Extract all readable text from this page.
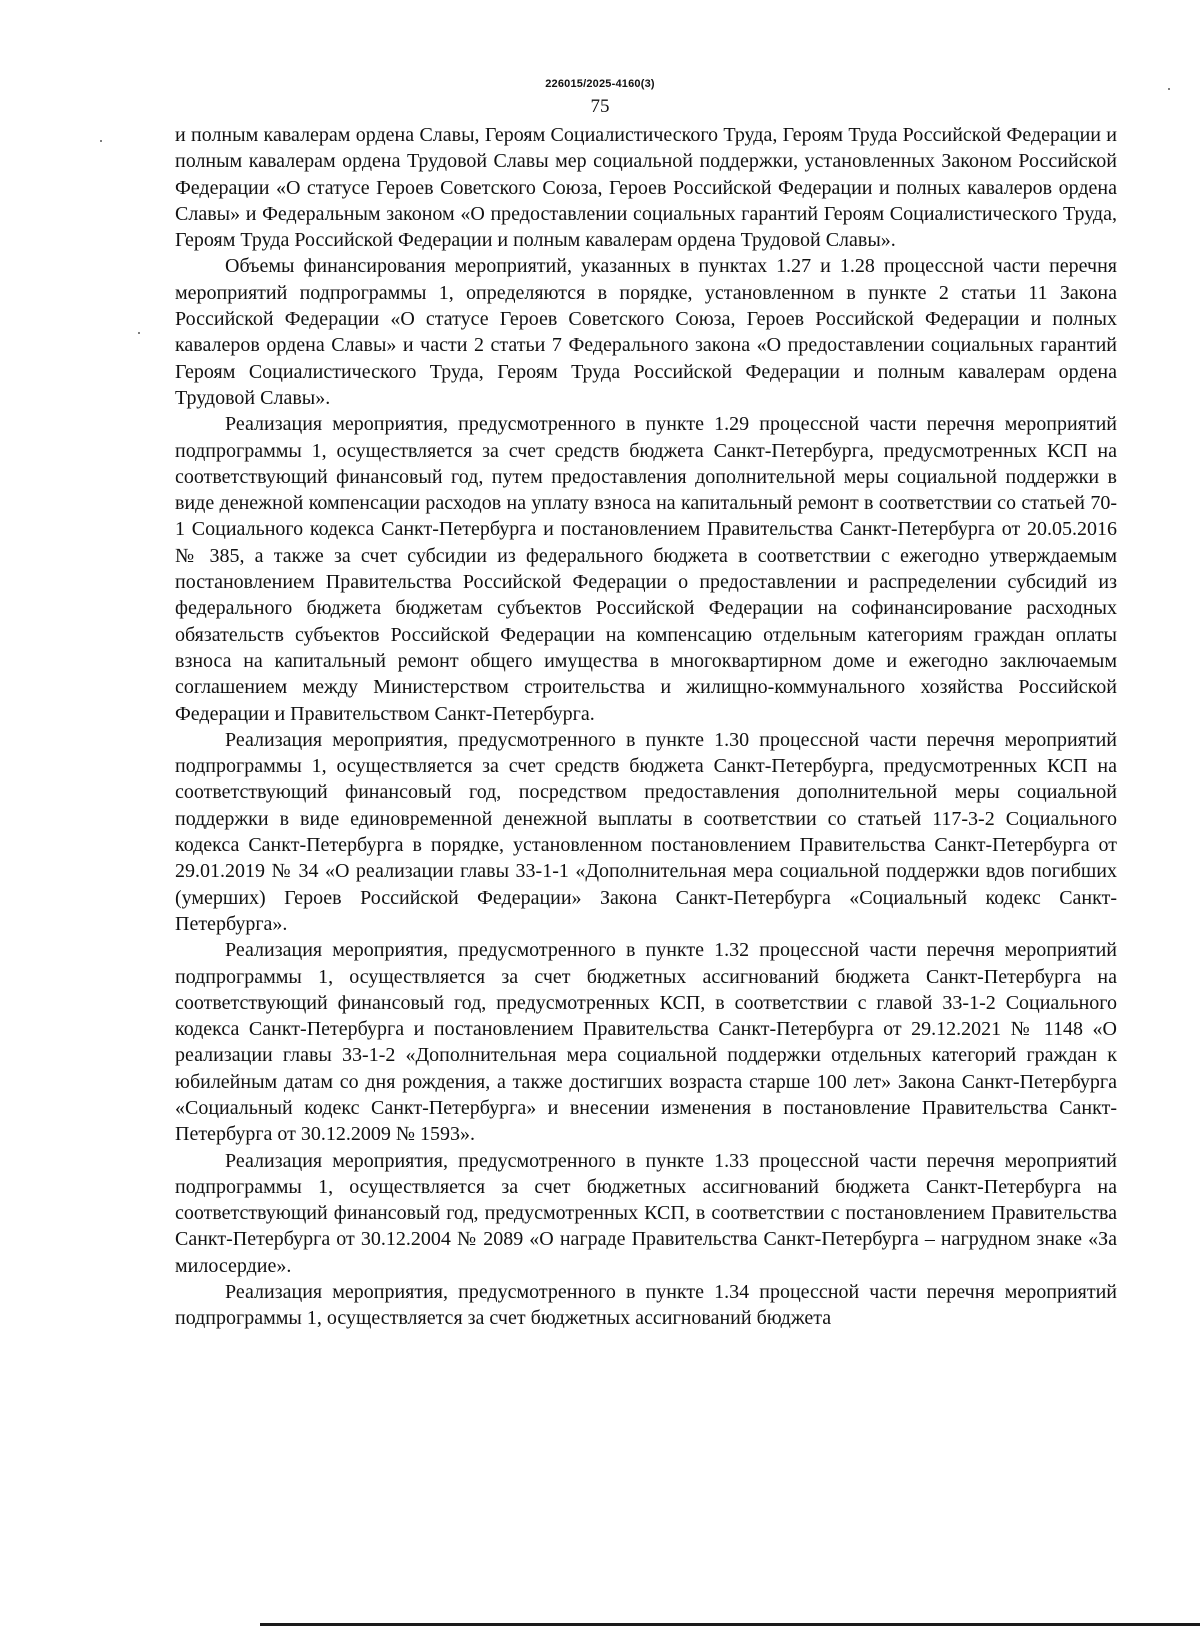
226015/2025-4160(3)
75

и полным кавалерам ордена Славы, Героям Социалистического Труда, Героям Труда Российской Федерации и полным кавалерам ордена Трудовой Славы мер социальной поддержки, установленных Законом Российской Федерации «О статусе Героев Советского Союза, Героев Российской Федерации и полных кавалеров ордена Славы» и Федеральным законом «О предоставлении социальных гарантий Героям Социалистического Труда, Героям Труда Российской Федерации и полным кавалерам ордена Трудовой Славы».

Объемы финансирования мероприятий, указанных в пунктах 1.27 и 1.28 процессной части перечня мероприятий подпрограммы 1, определяются в порядке, установленном в пункте 2 статьи 11 Закона Российской Федерации «О статусе Героев Советского Союза, Героев Российской Федерации и полных кавалеров ордена Славы» и части 2 статьи 7 Федерального закона «О предоставлении социальных гарантий Героям Социалистического Труда, Героям Труда Российской Федерации и полным кавалерам ордена Трудовой Славы».

Реализация мероприятия, предусмотренного в пункте 1.29 процессной части перечня мероприятий подпрограммы 1, осуществляется за счет средств бюджета Санкт-Петербурга, предусмотренных КСП на соответствующий финансовый год, путем предоставления дополнительной меры социальной поддержки в виде денежной компенсации расходов на уплату взноса на капитальный ремонт в соответствии со статьей 70-1 Социального кодекса Санкт-Петербурга и постановлением Правительства Санкт-Петербурга от 20.05.2016 № 385, а также за счет субсидии из федерального бюджета в соответствии с ежегодно утверждаемым постановлением Правительства Российской Федерации о предоставлении и распределении субсидий из федерального бюджета бюджетам субъектов Российской Федерации на софинансирование расходных обязательств субъектов Российской Федерации на компенсацию отдельным категориям граждан оплаты взноса на капитальный ремонт общего имущества в многоквартирном доме и ежегодно заключаемым соглашением между Министерством строительства и жилищно-коммунального хозяйства Российской Федерации и Правительством Санкт-Петербурга.

Реализация мероприятия, предусмотренного в пункте 1.30 процессной части перечня мероприятий подпрограммы 1, осуществляется за счет средств бюджета Санкт-Петербурга, предусмотренных КСП на соответствующий финансовый год, посредством предоставления дополнительной меры социальной поддержки в виде единовременной денежной выплаты в соответствии со статьей 117-3-2 Социального кодекса Санкт-Петербурга в порядке, установленном постановлением Правительства Санкт-Петербурга от 29.01.2019 № 34 «О реализации главы 33-1-1 «Дополнительная мера социальной поддержки вдов погибших (умерших) Героев Российской Федерации» Закона Санкт-Петербурга «Социальный кодекс Санкт-Петербурга».

Реализация мероприятия, предусмотренного в пункте 1.32 процессной части перечня мероприятий подпрограммы 1, осуществляется за счет бюджетных ассигнований бюджета Санкт-Петербурга на соответствующий финансовый год, предусмотренных КСП, в соответствии с главой 33-1-2 Социального кодекса Санкт-Петербурга и постановлением Правительства Санкт-Петербурга от 29.12.2021 № 1148 «О реализации главы 33-1-2 «Дополнительная мера социальной поддержки отдельных категорий граждан к юбилейным датам со дня рождения, а также достигших возраста старше 100 лет» Закона Санкт-Петербурга «Социальный кодекс Санкт-Петербурга» и внесении изменения в постановление Правительства Санкт-Петербурга от 30.12.2009 № 1593».

Реализация мероприятия, предусмотренного в пункте 1.33 процессной части перечня мероприятий подпрограммы 1, осуществляется за счет бюджетных ассигнований бюджета Санкт-Петербурга на соответствующий финансовый год, предусмотренных КСП, в соответствии с постановлением Правительства Санкт-Петербурга от 30.12.2004 № 2089 «О награде Правительства Санкт-Петербурга – нагрудном знаке «За милосердие».

Реализация мероприятия, предусмотренного в пункте 1.34 процессной части перечня мероприятий подпрограммы 1, осуществляется за счет бюджетных ассигнований бюджета
